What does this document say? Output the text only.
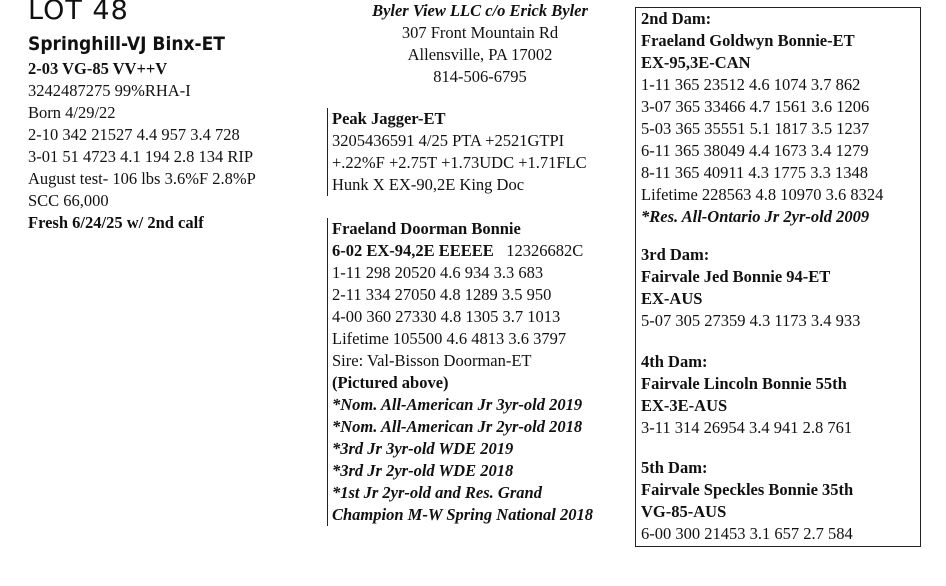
LOT 48
Springhill-VJ Binx-ET
2-03 VG-85 VV++V
3242487275 99%RHA-I
Born 4/29/22
2-10 342 21527 4.4 957 3.4 728
3-01 51 4723 4.1 194 2.8 134 RIP
August test- 106 lbs 3.6%F 2.8%P
SCC 66,000
Fresh 6/24/25 w/ 2nd calf
Byler View LLC c/o Erick Byler
307 Front Mountain Rd
Allensville, PA 17002
814-506-6795
Peak Jagger-ET
3205436591 4/25 PTA +2521GTPI
+.22%F +2.75T +1.73UDC +1.71FLC
Hunk X EX-90,2E King Doc
Fraeland Doorman Bonnie
6-02 EX-94,2E EEEEE 12326682C
1-11 298 20520 4.6 934 3.3 683
2-11 334 27050 4.8 1289 3.5 950
4-00 360 27330 4.8 1305 3.7 1013
Lifetime 105500 4.6 4813 3.6 3797
Sire: Val-Bisson Doorman-ET
(Pictured above)
*Nom. All-American Jr 3yr-old 2019
*Nom. All-American Jr 2yr-old 2018
*3rd Jr 3yr-old WDE 2019
*3rd Jr 2yr-old WDE 2018
*1st Jr 2yr-old and Res. Grand
Champion M-W Spring National 2018
2nd Dam:
Fraeland Goldwyn Bonnie-ET
EX-95,3E-CAN
1-11 365 23512 4.6 1074 3.7 862
3-07 365 33466 4.7 1561 3.6 1206
5-03 365 35551 5.1 1817 3.5 1237
6-11 365 38049 4.4 1673 3.4 1279
8-11 365 40911 4.3 1775 3.3 1348
Lifetime 228563 4.8 10970 3.6 8324
*Res. All-Ontario Jr 2yr-old 2009
3rd Dam:
Fairvale Jed Bonnie 94-ET
EX-AUS
5-07 305 27359 4.3 1173 3.4 933
4th Dam:
Fairvale Lincoln Bonnie 55th
EX-3E-AUS
3-11 314 26954 3.4 941 2.8 761
5th Dam:
Fairvale Speckles Bonnie 35th
VG-85-AUS
6-00 300 21453 3.1 657 2.7 584
